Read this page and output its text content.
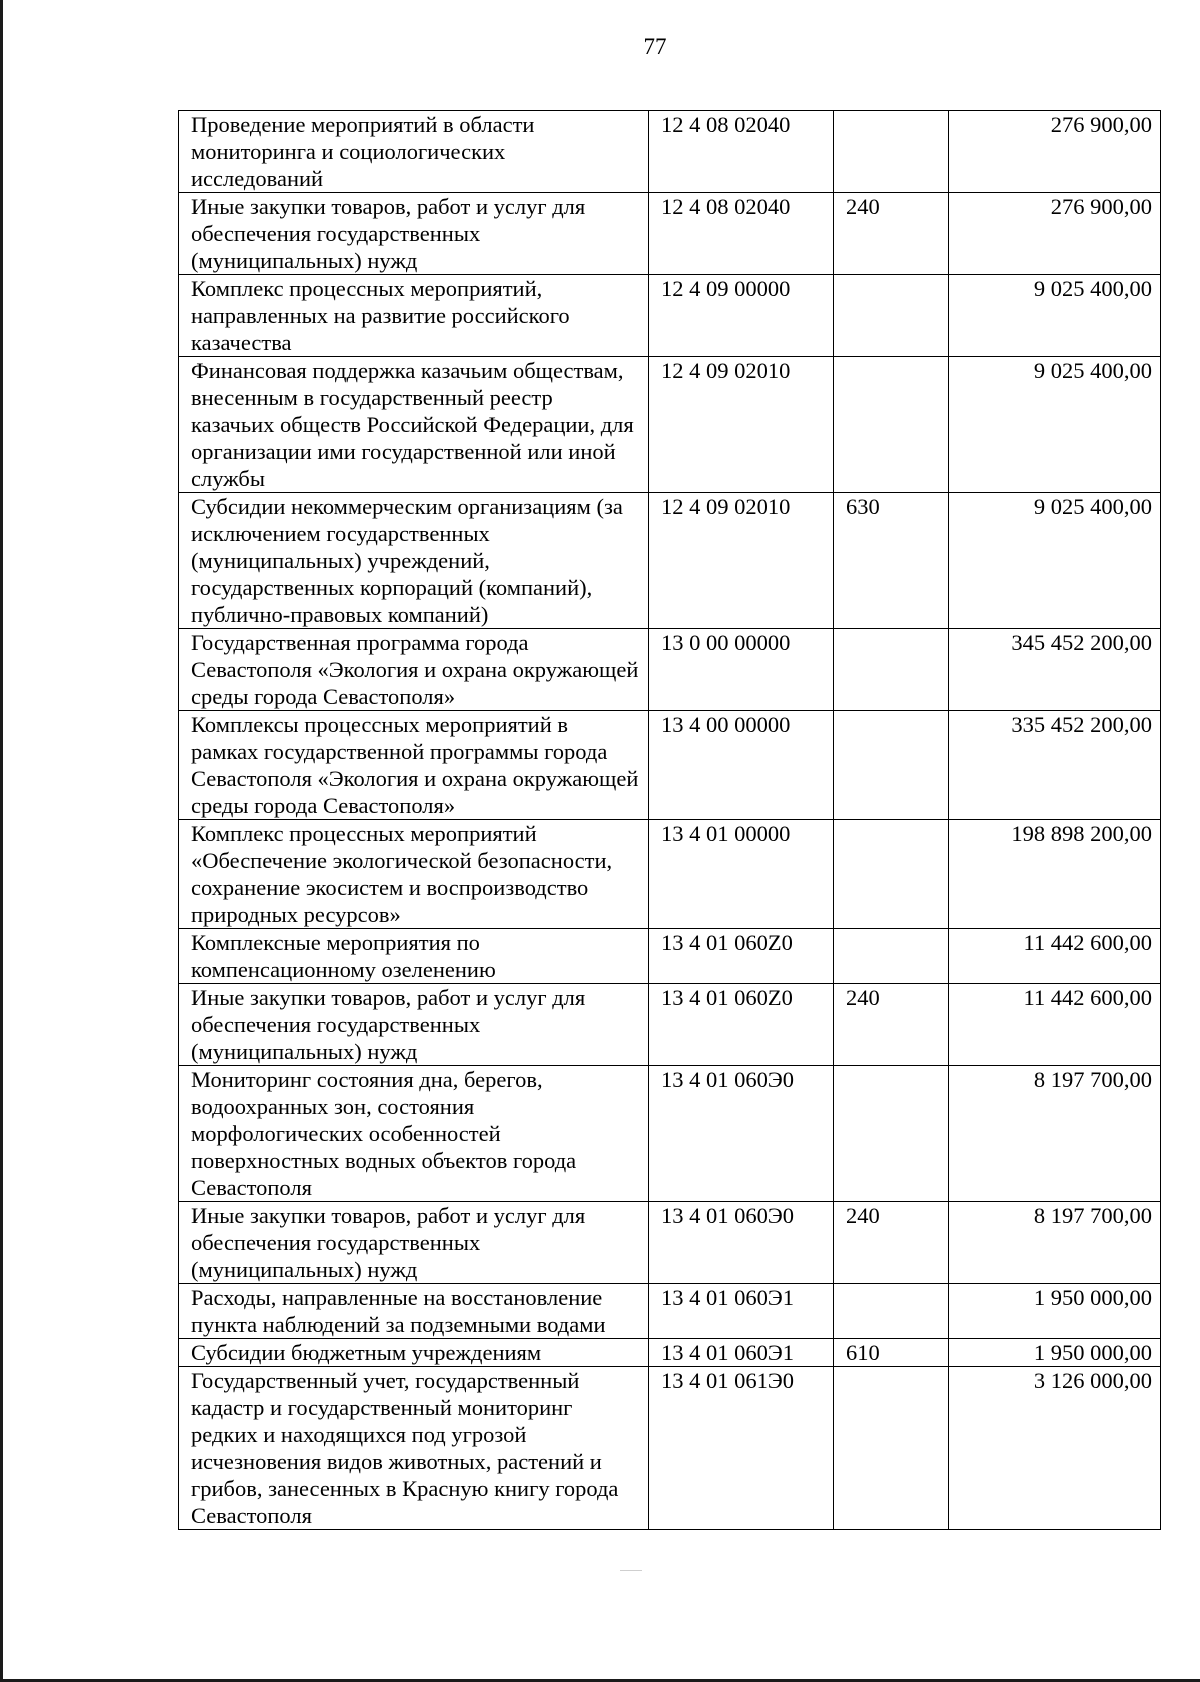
77
Проведение мероприятий в области мониторинга и социологических исследований	12 4 08 02040		276 900,00
Иные закупки товаров, работ и услуг для обеспечения государственных (муниципальных) нужд	12 4 08 02040	240	276 900,00
Комплекс процессных мероприятий, направленных на развитие российского казачества	12 4 09 00000		9 025 400,00
Финансовая поддержка казачьим обществам, внесенным в государственный реестр казачьих обществ Российской Федерации, для организации ими государственной или иной службы	12 4 09 02010		9 025 400,00
Субсидии некоммерческим организациям (за исключением государственных (муниципальных) учреждений, государственных корпораций (компаний), публично-правовых компаний)	12 4 09 02010	630	9 025 400,00
Государственная программа города Севастополя «Экология и охрана окружающей среды города Севастополя»	13 0 00 00000		345 452 200,00
Комплексы процессных мероприятий в рамках государственной программы города Севастополя «Экология и охрана окружающей среды города Севастополя»	13 4 00 00000		335 452 200,00
Комплекс процессных мероприятий «Обеспечение экологической безопасности, сохранение экосистем и воспроизводство природных ресурсов»	13 4 01 00000		198 898 200,00
Комплексные мероприятия по компенсационному озеленению	13 4 01 060Z0		11 442 600,00
Иные закупки товаров, работ и услуг для обеспечения государственных (муниципальных) нужд	13 4 01 060Z0	240	11 442 600,00
Мониторинг состояния дна, берегов, водоохранных зон, состояния морфологических особенностей поверхностных водных объектов города Севастополя	13 4 01 060Э0		8 197 700,00
Иные закупки товаров, работ и услуг для обеспечения государственных (муниципальных) нужд	13 4 01 060Э0	240	8 197 700,00
Расходы, направленные на восстановление пункта наблюдений за подземными водами	13 4 01 060Э1		1 950 000,00
Субсидии бюджетным учреждениям	13 4 01 060Э1	610	1 950 000,00
Государственный учет, государственный кадастр и государственный мониторинг редких и находящихся под угрозой исчезновения видов животных, растений и грибов, занесенных в Красную книгу города Севастополя	13 4 01 061Э0		3 126 000,00
